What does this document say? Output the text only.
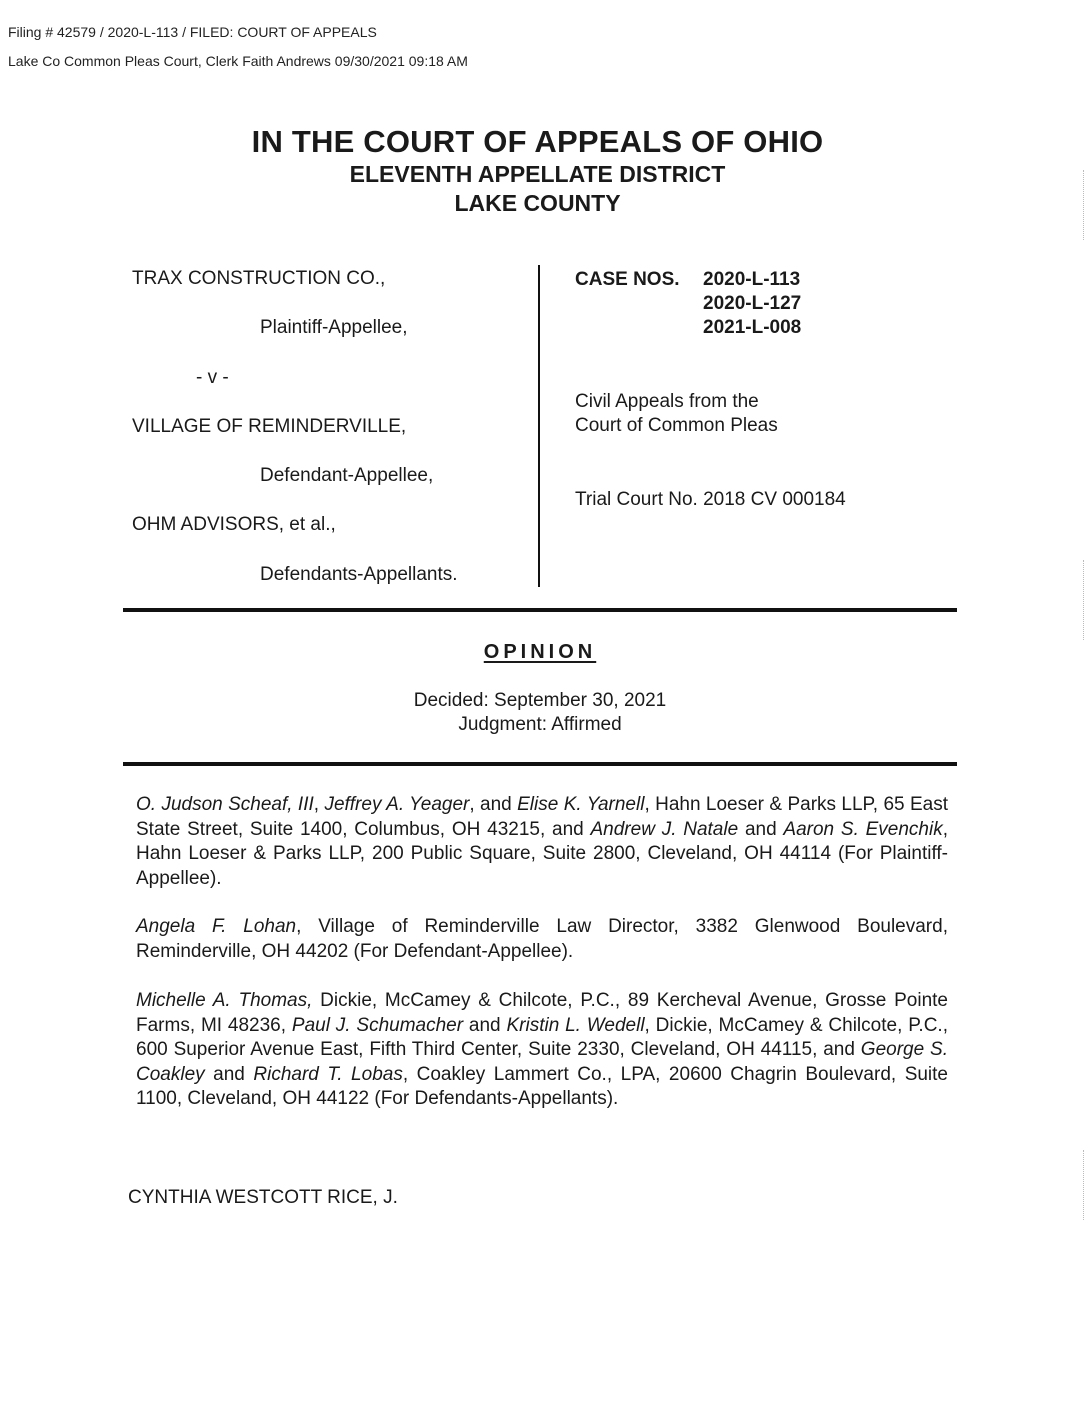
Filing # 42579 / 2020-L-113 / FILED: COURT OF APPEALS
Lake Co Common Pleas Court, Clerk Faith Andrews 09/30/2021 09:18 AM
IN THE COURT OF APPEALS OF OHIO
ELEVENTH APPELLATE DISTRICT
LAKE COUNTY
TRAX CONSTRUCTION CO.,
Plaintiff-Appellee,
- v -
VILLAGE OF REMINDERVILLE,
Defendant-Appellee,
OHM ADVISORS, et al.,
Defendants-Appellants.
CASE NOS. 2020-L-113
2020-L-127
2021-L-008
Civil Appeals from the
Court of Common Pleas
Trial Court No. 2018 CV 000184
OPINION
Decided: September 30, 2021
Judgment: Affirmed
O. Judson Scheaf, III, Jeffrey A. Yeager, and Elise K. Yarnell, Hahn Loeser & Parks LLP, 65 East State Street, Suite 1400, Columbus, OH 43215, and Andrew J. Natale and Aaron S. Evenchik, Hahn Loeser & Parks LLP, 200 Public Square, Suite 2800, Cleveland, OH 44114 (For Plaintiff-Appellee).
Angela F. Lohan, Village of Reminderville Law Director, 3382 Glenwood Boulevard, Reminderville, OH 44202 (For Defendant-Appellee).
Michelle A. Thomas, Dickie, McCamey & Chilcote, P.C., 89 Kercheval Avenue, Grosse Pointe Farms, MI 48236, Paul J. Schumacher and Kristin L. Wedell, Dickie, McCamey & Chilcote, P.C., 600 Superior Avenue East, Fifth Third Center, Suite 2330, Cleveland, OH 44115, and George S. Coakley and Richard T. Lobas, Coakley Lammert Co., LPA, 20600 Chagrin Boulevard, Suite 1100, Cleveland, OH 44122 (For Defendants-Appellants).
CYNTHIA WESTCOTT RICE, J.
